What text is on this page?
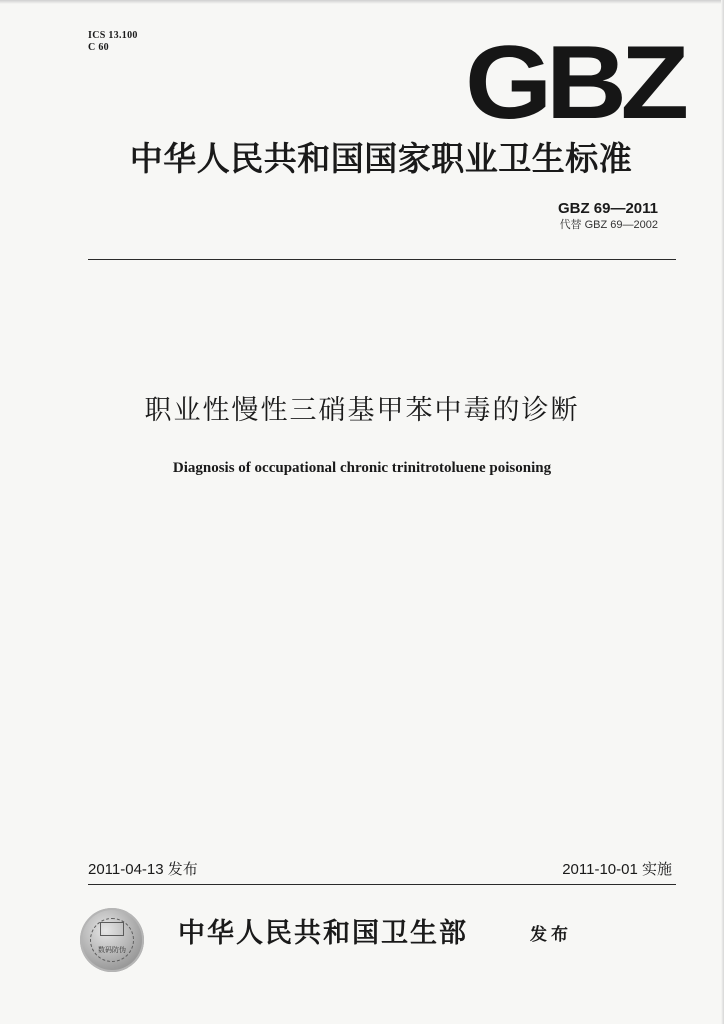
ICS 13.100
C 60	GBZ
中华人民共和国国家职业卫生标准
GBZ 69—2011
代替 GBZ 69—2002
职业性慢性三硝基甲苯中毒的诊断
Diagnosis of occupational chronic trinitrotoluene poisoning
2011-04-13 发布	2011-10-01 实施
数码防伪
中华人民共和国卫生部	发布
